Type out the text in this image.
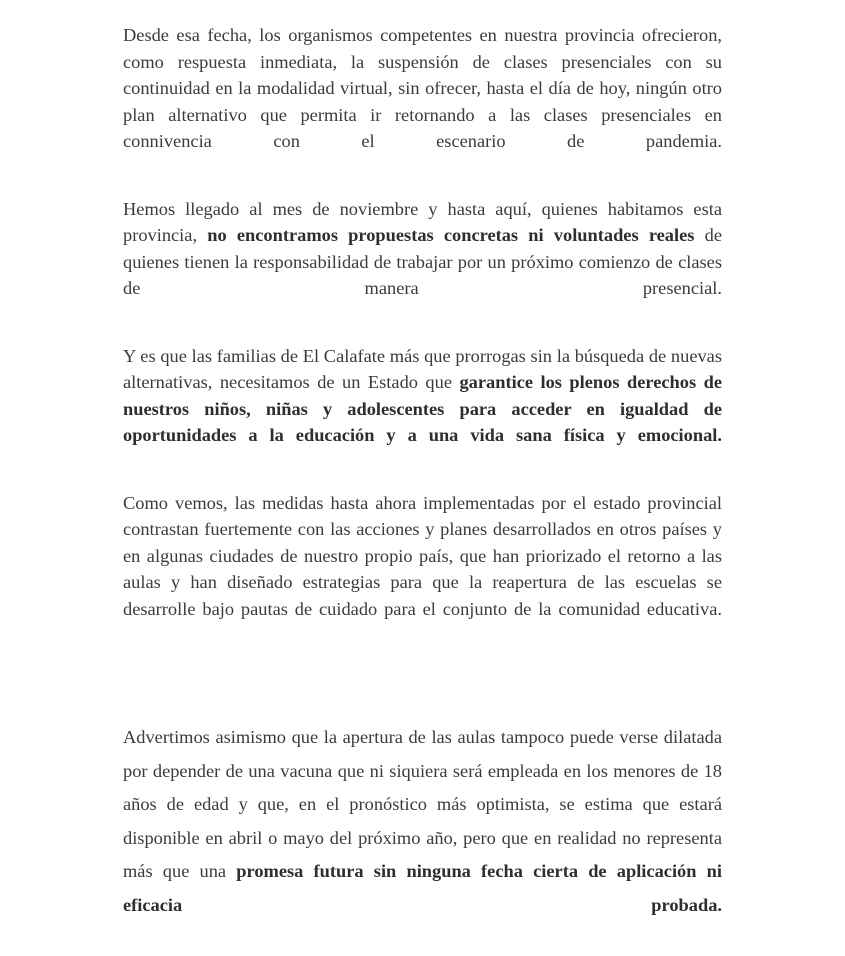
Desde esa fecha, los organismos competentes en nuestra provincia ofrecieron, como respuesta inmediata, la suspensión de clases presenciales con su continuidad en la modalidad virtual, sin ofrecer, hasta el día de hoy, ningún otro plan alternativo que permita ir retornando a las clases presenciales en connivencia con el escenario de pandemia.

Hemos llegado al mes de noviembre y hasta aquí, quienes habitamos esta provincia, no encontramos propuestas concretas ni voluntades reales de quienes tienen la responsabilidad de trabajar por un próximo comienzo de clases de manera presencial.

Y es que las familias de El Calafate más que prorrogas sin la búsqueda de nuevas alternativas, necesitamos de un Estado que garantice los plenos derechos de nuestros niños, niñas y adolescentes para acceder en igualdad de oportunidades a la educación y a una vida sana física y emocional.

Como vemos, las medidas hasta ahora implementadas por el estado provincial contrastan fuertemente con las acciones y planes desarrollados en otros países y en algunas ciudades de nuestro propio país, que han priorizado el retorno a las aulas y han diseñado estrategias para que la reapertura de las escuelas se desarrolle bajo pautas de cuidado para el conjunto de la comunidad educativa.

Advertimos asimismo que la apertura de las aulas tampoco puede verse dilatada por depender de una vacuna que ni siquiera será empleada en los menores de 18 años de edad y que, en el pronóstico más optimista, se estima que estará disponible en abril o mayo del próximo año, pero que en realidad no representa más que una promesa futura sin ninguna fecha cierta de aplicación ni eficacia probada.
